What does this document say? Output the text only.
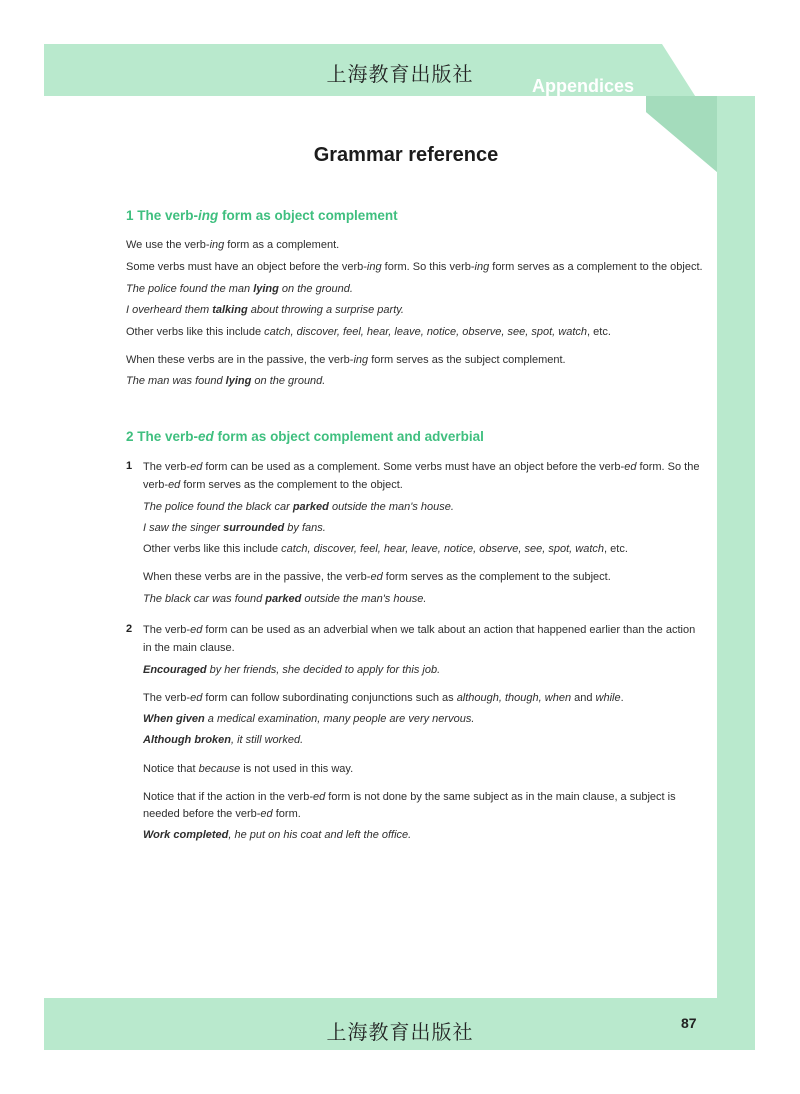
上海教育出版社	Appendices
Grammar reference
1 The verb-ing form as object complement
We use the verb-ing form as a complement.
Some verbs must have an object before the verb-ing form. So this verb-ing form serves as a complement to the object.
The police found the man lying on the ground.
I overheard them talking about throwing a surprise party.
Other verbs like this include catch, discover, feel, hear, leave, notice, observe, see, spot, watch, etc.
When these verbs are in the passive, the verb-ing form serves as the subject complement.
The man was found lying on the ground.
2 The verb-ed form as object complement and adverbial
1 The verb-ed form can be used as a complement. Some verbs must have an object before the verb-ed form. So the
verb-ed form serves as the complement to the object.
The police found the black car parked outside the man's house.
I saw the singer surrounded by fans.
Other verbs like this include catch, discover, feel, hear, leave, notice, observe, see, spot, watch, etc.
When these verbs are in the passive, the verb-ed form serves as the complement to the subject.
The black car was found parked outside the man's house.
2 The verb-ed form can be used as an adverbial when we talk about an action that happened earlier than the action
in the main clause.
Encouraged by her friends, she decided to apply for this job.
The verb-ed form can follow subordinating conjunctions such as although, though, when and while.
When given a medical examination, many people are very nervous.
Although broken, it still worked.
Notice that because is not used in this way.
Notice that if the action in the verb-ed form is not done by the same subject as in the main clause, a subject is
needed before the verb-ed form.
Work completed, he put on his coat and left the office.
上海教育出版社	87
